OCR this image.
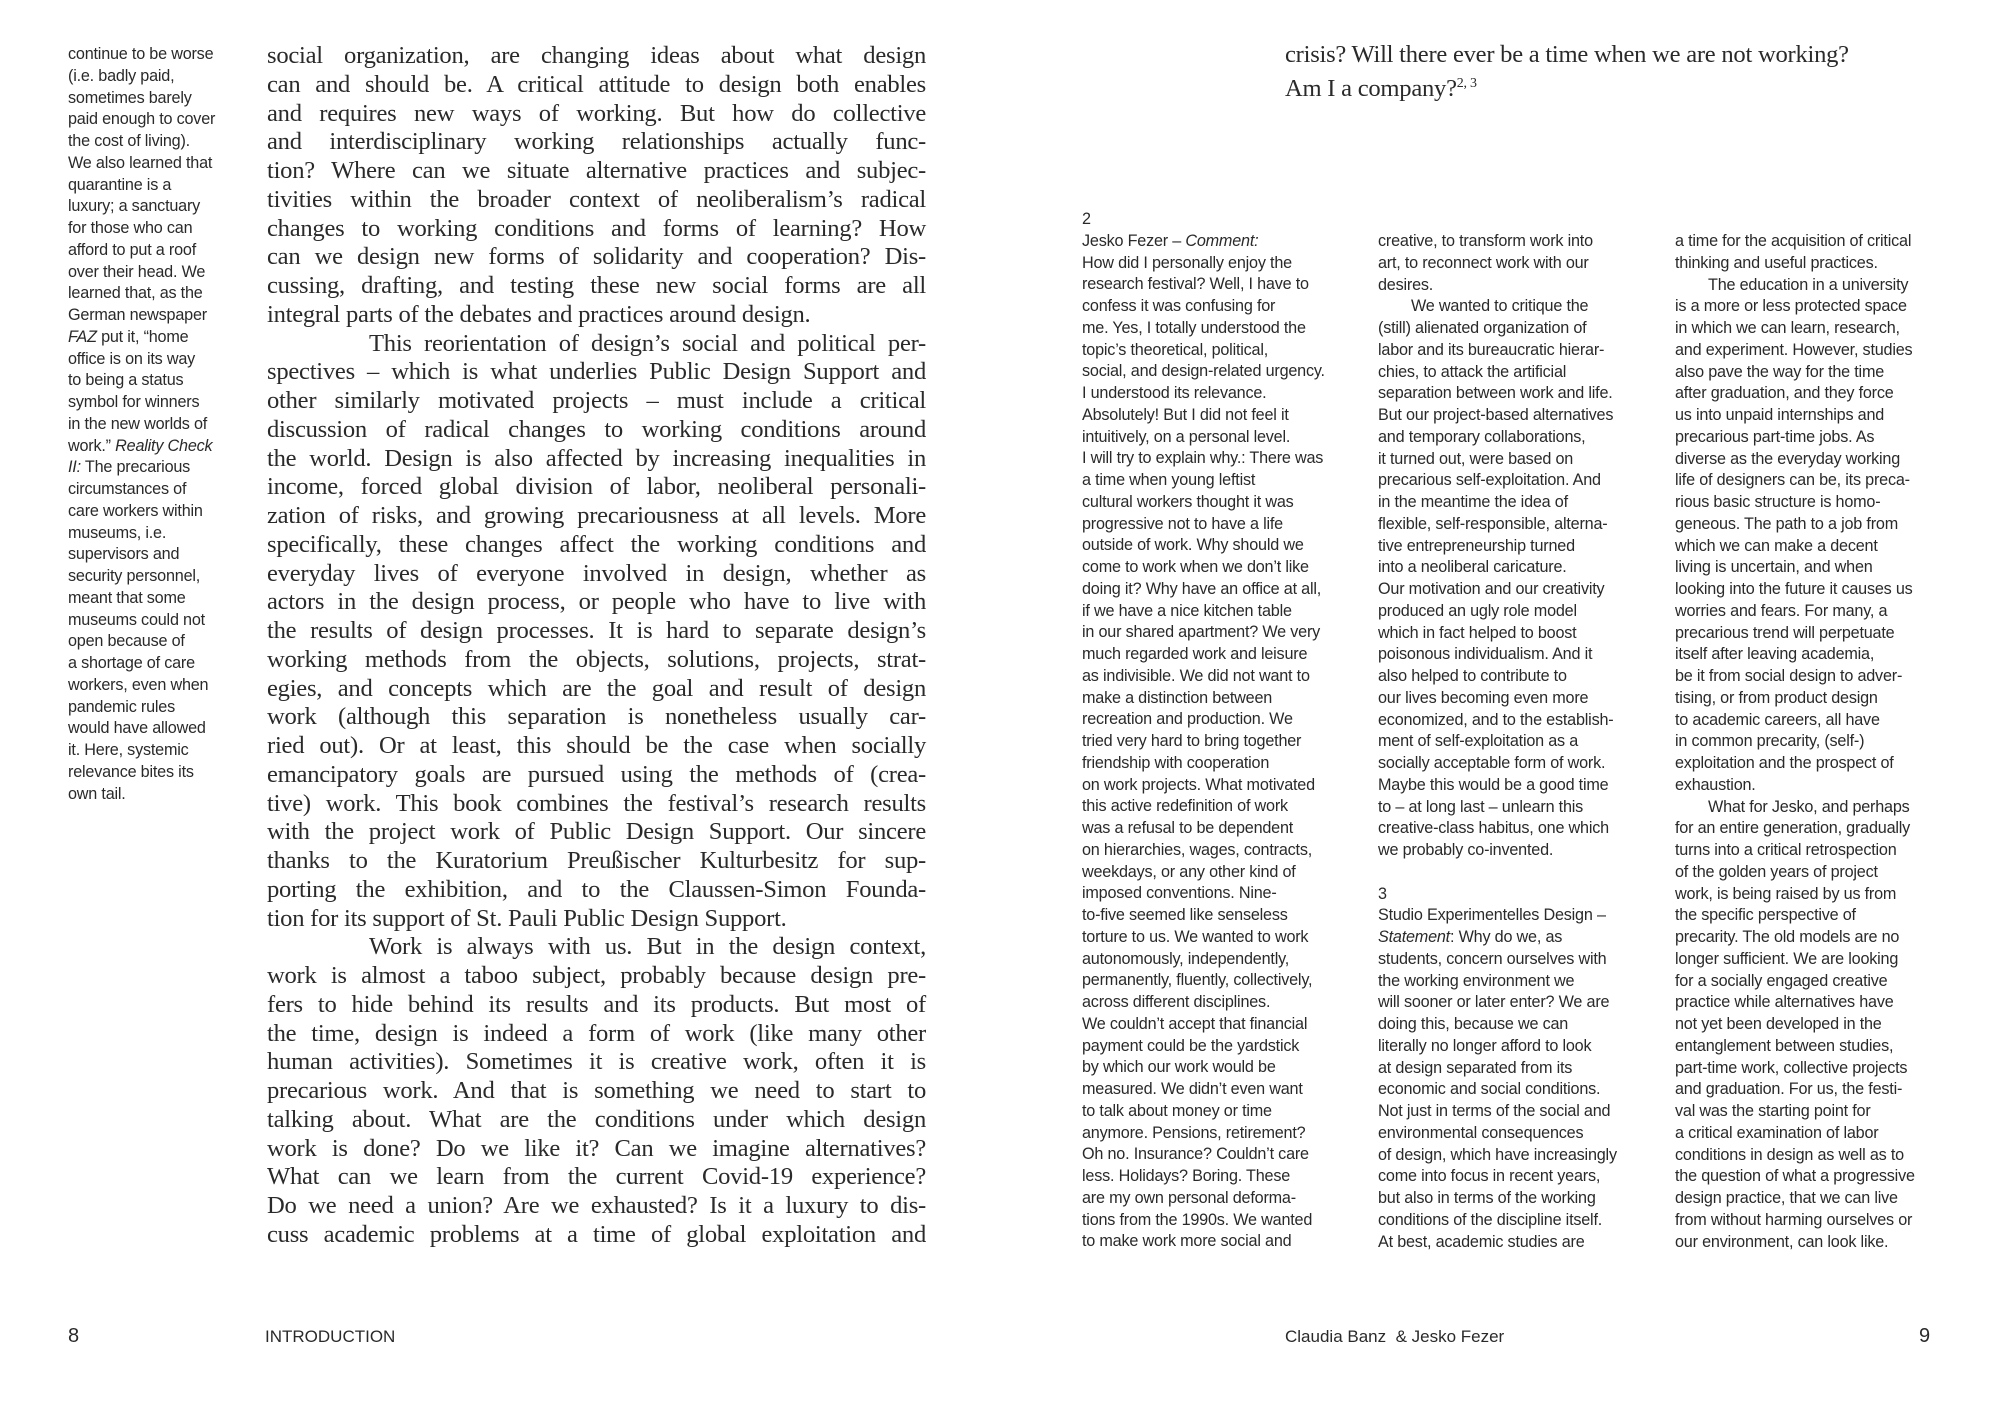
continue to be worse
(i.e. badly paid,
sometimes barely
paid enough to cover
the cost of living).
We also learned that
quarantine is a
luxury; a sanctuary
for those who can
afford to put a roof
over their head. We
learned that, as the
German newspaper
FAZ put it, “home
office is on its way
to being a status
symbol for winners
in the new worlds of
work.” Reality Check
II: The precarious
circumstances of
care workers within
museums, i.e.
supervisors and
security personnel,
meant that some
museums could not
open because of
a shortage of care
workers, even when
pandemic rules
would have allowed
it. Here, systemic
relevance bites its
own tail.
social organization, are changing ideas about what design
can and should be. A critical attitude to design both enables
and requires new ways of working. But how do collective
and interdisciplinary working relationships actually func-
tion? Where can we situate alternative practices and subjec-
tivities within the broader context of neoliberalism’s radical
changes to working conditions and forms of learning? How
can we design new forms of solidarity and cooperation? Dis-
cussing, drafting, and testing these new social forms are all
integral parts of the debates and practices around design.
This reorientation of design’s social and political per-
spectives – which is what underlies Public Design Support and
other similarly motivated projects – must include a critical
discussion of radical changes to working conditions around
the world. Design is also affected by increasing inequalities in
income, forced global division of labor, neoliberal personali-
zation of risks, and growing precariousness at all levels. More
specifically, these changes affect the working conditions and
everyday lives of everyone involved in design, whether as
actors in the design process, or people who have to live with
the results of design processes. It is hard to separate design’s
working methods from the objects, solutions, projects, strat-
egies, and concepts which are the goal and result of design
work (although this separation is nonetheless usually car-
ried out). Or at least, this should be the case when socially
emancipatory goals are pursued using the methods of (crea-
tive) work. This book combines the festival’s research results
with the project work of Public Design Support. Our sincere
thanks to the Kuratorium Preußischer Kulturbesitz for sup-
porting the exhibition, and to the Claussen-Simon Founda-
tion for its support of St. Pauli Public Design Support.
Work is always with us. But in the design context,
work is almost a taboo subject, probably because design pre-
fers to hide behind its results and its products. But most of
the time, design is indeed a form of work (like many other
human activities). Sometimes it is creative work, often it is
precarious work. And that is something we need to start to
talking about. What are the conditions under which design
work is done? Do we like it? Can we imagine alternatives?
What can we learn from the current Covid-19 experience?
Do we need a union? Are we exhausted? Is it a luxury to dis-
cuss academic problems at a time of global exploitation and
8	INTRODUCTION
crisis? Will there ever be a time when we are not working?
Am I a company?$^{2, 3}$
2
Jesko Fezer – Comment:
How did I personally enjoy the
research festival? Well, I have to
confess it was confusing for
me. Yes, I totally understood the
topic’s theoretical, political,
social, and design-related urgency.
I understood its relevance.
Absolutely! But I did not feel it
intuitively, on a personal level.
I will try to explain why.: There was
a time when young leftist
cultural workers thought it was
progressive not to have a life
outside of work. Why should we
come to work when we don’t like
doing it? Why have an office at all,
if we have a nice kitchen table
in our shared apartment? We very
much regarded work and leisure
as indivisible. We did not want to
make a distinction between
recreation and production. We
tried very hard to bring together
friendship with cooperation
on work projects. What motivated
this active redefinition of work
was a refusal to be dependent
on hierarchies, wages, contracts,
weekdays, or any other kind of
imposed conventions. Nine-
to-five seemed like senseless
torture to us. We wanted to work
autonomously, independently,
permanently, fluently, collectively,
across different disciplines.
We couldn’t accept that financial
payment could be the yardstick
by which our work would be
measured. We didn’t even want
to talk about money or time
anymore. Pensions, retirement?
Oh no. Insurance? Couldn’t care
less. Holidays? Boring. These
are my own personal deforma-
tions from the 1990s. We wanted
to make work more social and
creative, to transform work into
art, to reconnect work with our
desires.
We wanted to critique the
(still) alienated organization of
labor and its bureaucratic hierar-
chies, to attack the artificial
separation between work and life.
But our project-based alternatives
and temporary collaborations,
it turned out, were based on
precarious self-exploitation. And
in the meantime the idea of
flexible, self-responsible, alterna-
tive entrepreneurship turned
into a neoliberal caricature.
Our motivation and our creativity
produced an ugly role model
which in fact helped to boost
poisonous individualism. And it
also helped to contribute to
our lives becoming even more
economized, and to the establish-
ment of self-exploitation as a
socially acceptable form of work.
Maybe this would be a good time
to – at long last – unlearn this
creative-class habitus, one which
we probably co-invented.
3
Studio Experimentelles Design –
Statement: Why do we, as
students, concern ourselves with
the working environment we
will sooner or later enter? We are
doing this, because we can
literally no longer afford to look
at design separated from its
economic and social conditions.
Not just in terms of the social and
environmental consequences
of design, which have increasingly
come into focus in recent years,
but also in terms of the working
conditions of the discipline itself.
At best, academic studies are
a time for the acquisition of critical
thinking and useful practices.
The education in a university
is a more or less protected space
in which we can learn, research,
and experiment. However, studies
also pave the way for the time
after graduation, and they force
us into unpaid internships and
precarious part-time jobs. As
diverse as the everyday working
life of designers can be, its preca-
rious basic structure is homo-
geneous. The path to a job from
which we can make a decent
living is uncertain, and when
looking into the future it causes us
worries and fears. For many, a
precarious trend will perpetuate
itself after leaving academia,
be it from social design to adver-
tising, or from product design
to academic careers, all have
in common precarity, (self-)
exploitation and the prospect of
exhaustion.
What for Jesko, and perhaps
for an entire generation, gradually
turns into a critical retrospection
of the golden years of project
work, is being raised by us from
the specific perspective of
precarity. The old models are no
longer sufficient. We are looking
for a socially engaged creative
practice while alternatives have
not yet been developed in the
entanglement between studies,
part-time work, collective projects
and graduation. For us, the festi-
val was the starting point for
a critical examination of labor
conditions in design as well as to
the question of what a progressive
design practice, that we can live
from without harming ourselves or
our environment, can look like.
Claudia Banz  & Jesko Fezer	9
